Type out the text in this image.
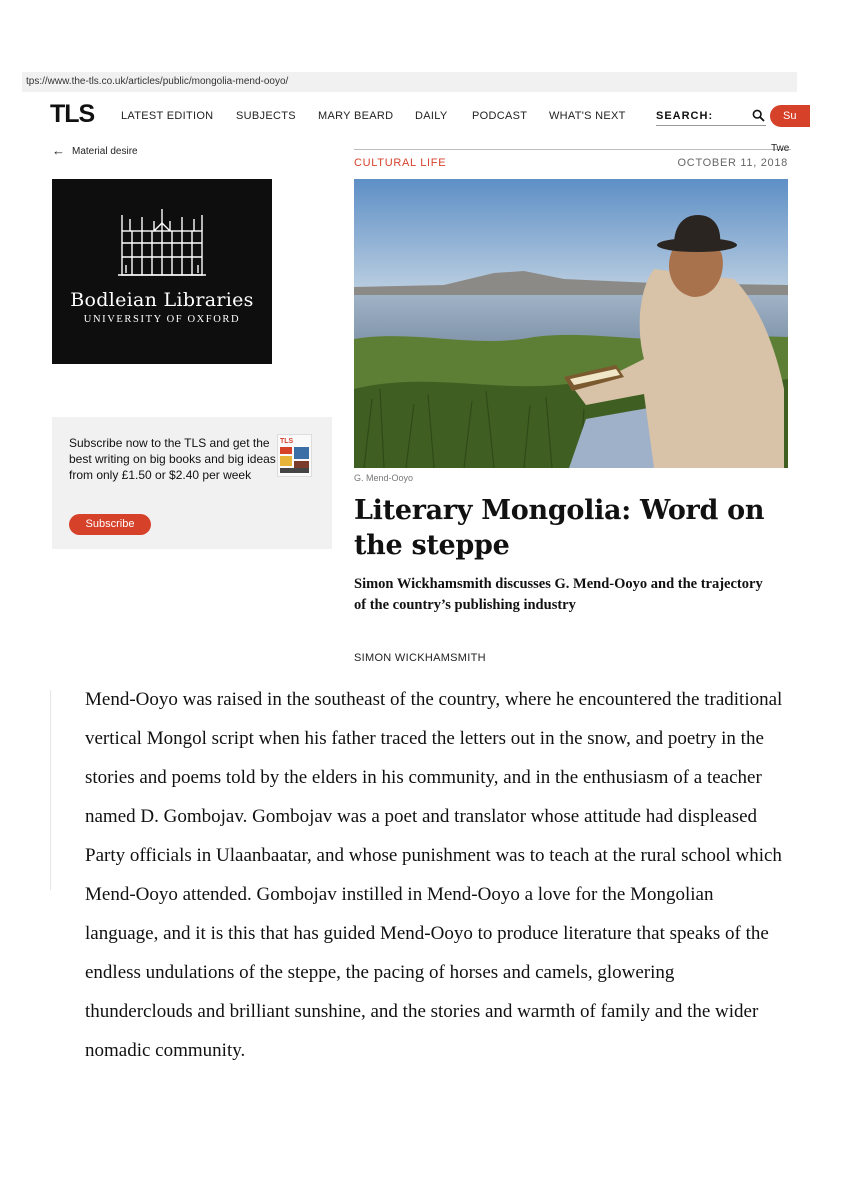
tps://www.the-tls.co.uk/articles/public/mongolia-mend-ooyo/
TLS LATEST EDITION SUBJECTS MARY BEARD DAILY PODCAST WHAT'S NEXT	SEARCH:	Su
← Material desire	Twe
CULTURAL LIFE	OCTOBER 11, 2018
Bodleian Libraries
UNIVERSITY OF OXFORD
Subscribe now to the TLS and get the best writing on big books and big ideas from only £1.50 or $2.40 per week
TLS
Subscribe
G. Mend-Ooyo
Literary Mongolia: Word on the steppe
Simon Wickhamsmith discusses G. Mend-Ooyo and the trajectory of the country’s publishing industry
SIMON WICKHAMSMITH

Mend-Ooyo was raised in the southeast of the country, where he encountered the traditional vertical Mongol script when his father traced the letters out in the snow, and poetry in the stories and poems told by the elders in his community, and in the enthusiasm of a teacher named D. Gombojav. Gombojav was a poet and translator whose attitude had displeased Party officials in Ulaanbaatar, and whose punishment was to teach at the rural school which Mend-Ooyo attended. Gombojav instilled in Mend-Ooyo a love for the Mongolian language, and it is this that has guided Mend-Ooyo to produce literature that speaks of the endless undulations of the steppe, the pacing of horses and camels, glowering thunderclouds and brilliant sunshine, and the stories and warmth of family and the wider nomadic community.
